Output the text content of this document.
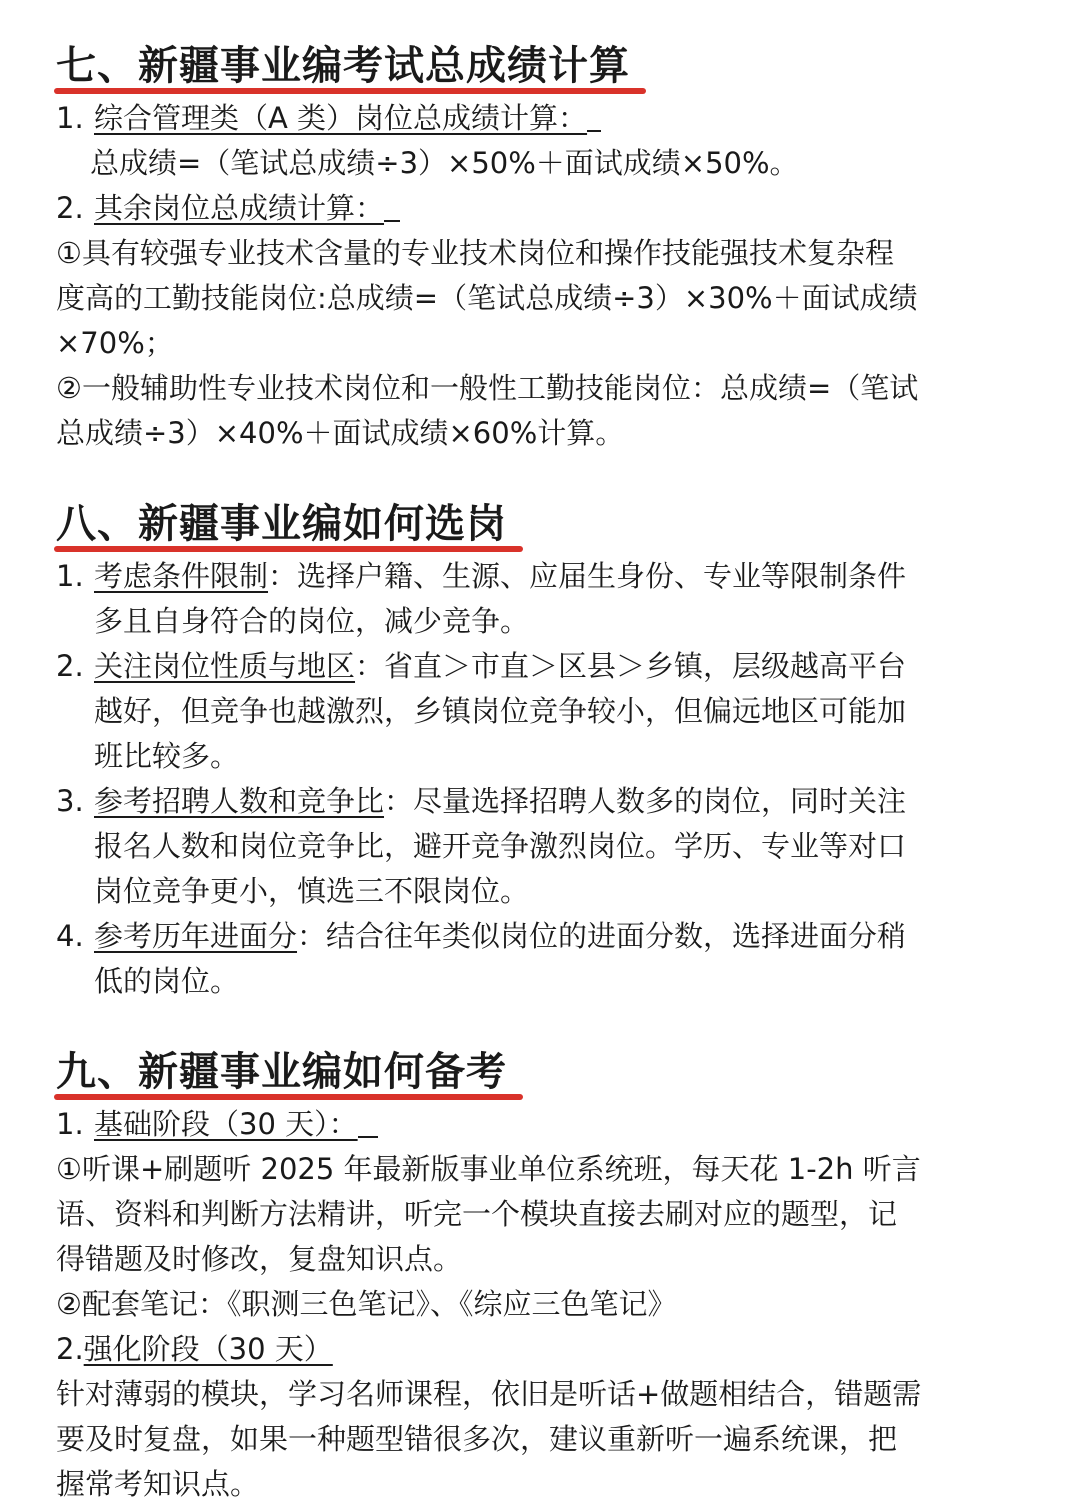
七、新疆事业编考试总成绩计算
1. 综合管理类（A 类）岗位总成绩计算：
总成绩=（笔试总成绩÷3）×50%＋面试成绩×50%。
2. 其余岗位总成绩计算：
①具有较强专业技术含量的专业技术岗位和操作技能强技术复杂程
度高的工勤技能岗位:总成绩=（笔试总成绩÷3）×30%＋面试成绩
×70%；
②一般辅助性专业技术岗位和一般性工勤技能岗位：总成绩=（笔试
总成绩÷3）×40%＋面试成绩×60%计算。
八、新疆事业编如何选岗
1. 考虑条件限制：选择户籍、生源、应届生身份、专业等限制条件
多且自身符合的岗位，减少竞争。
2. 关注岗位性质与地区：省直＞市直＞区县＞乡镇，层级越高平台
越好，但竞争也越激烈，乡镇岗位竞争较小，但偏远地区可能加
班比较多。
3. 参考招聘人数和竞争比：尽量选择招聘人数多的岗位，同时关注
报名人数和岗位竞争比，避开竞争激烈岗位。学历、专业等对口
岗位竞争更小，慎选三不限岗位。
4. 参考历年进面分：结合往年类似岗位的进面分数，选择进面分稍
低的岗位。
九、新疆事业编如何备考
1. 基础阶段（30 天）：
①听课+刷题听 2025 年最新版事业单位系统班，每天花 1-2h 听言
语、资料和判断方法精讲，听完一个模块直接去刷对应的题型，记
得错题及时修改，复盘知识点。
②配套笔记：《职测三色笔记》、《综应三色笔记》
2.强化阶段（30 天）
针对薄弱的模块，学习名师课程，依旧是听话+做题相结合，错题需
要及时复盘，如果一种题型错很多次，建议重新听一遍系统课，把
握常考知识点。
